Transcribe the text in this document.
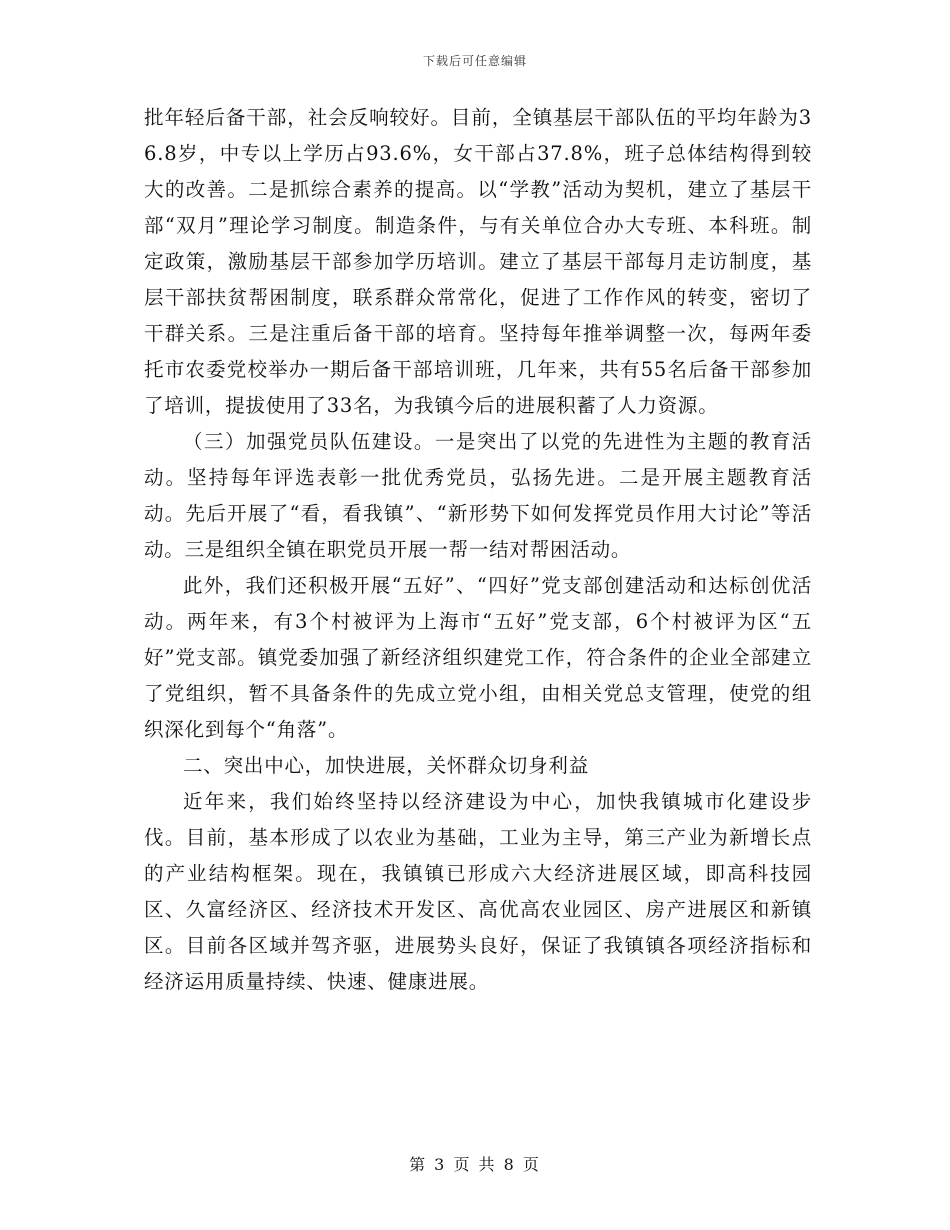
下载后可任意编辑

批年轻后备干部，社会反响较好。目前，全镇基层干部队伍的平均年龄为36.8岁，中专以上学历占93.6%，女干部占37.8%，班子总体结构得到较大的改善。二是抓综合素养的提高。以“学教”活动为契机，建立了基层干部“双月”理论学习制度。制造条件，与有关单位合办大专班、本科班。制定政策，激励基层干部参加学历培训。建立了基层干部每月走访制度，基层干部扶贫帮困制度，联系群众常常化，促进了工作作风的转变，密切了干群关系。三是注重后备干部的培育。坚持每年推举调整一次，每两年委托市农委党校举办一期后备干部培训班，几年来，共有55名后备干部参加了培训，提拔使用了33名，为我镇今后的进展积蓄了人力资源。

（三）加强党员队伍建设。一是突出了以党的先进性为主题的教育活动。坚持每年评选表彰一批优秀党员，弘扬先进。二是开展主题教育活动。先后开展了“看，看我镇”、“新形势下如何发挥党员作用大讨论”等活动。三是组织全镇在职党员开展一帮一结对帮困活动。

此外，我们还积极开展“五好”、“四好”党支部创建活动和达标创优活动。两年来，有3个村被评为上海市“五好”党支部，6个村被评为区“五好”党支部。镇党委加强了新经济组织建党工作，符合条件的企业全部建立了党组织，暂不具备条件的先成立党小组，由相关党总支管理，使党的组织深化到每个“角落”。

二、突出中心，加快进展，关怀群众切身利益

近年来，我们始终坚持以经济建设为中心，加快我镇城市化建设步伐。目前，基本形成了以农业为基础，工业为主导，第三产业为新增长点的产业结构框架。现在，我镇镇已形成六大经济进展区域，即高科技园区、久富经济区、经济技术开发区、高优高农业园区、房产进展区和新镇区。目前各区域并驾齐驱，进展势头良好，保证了我镇镇各项经济指标和经济运用质量持续、快速、健康进展。

第 3 页 共 8 页
